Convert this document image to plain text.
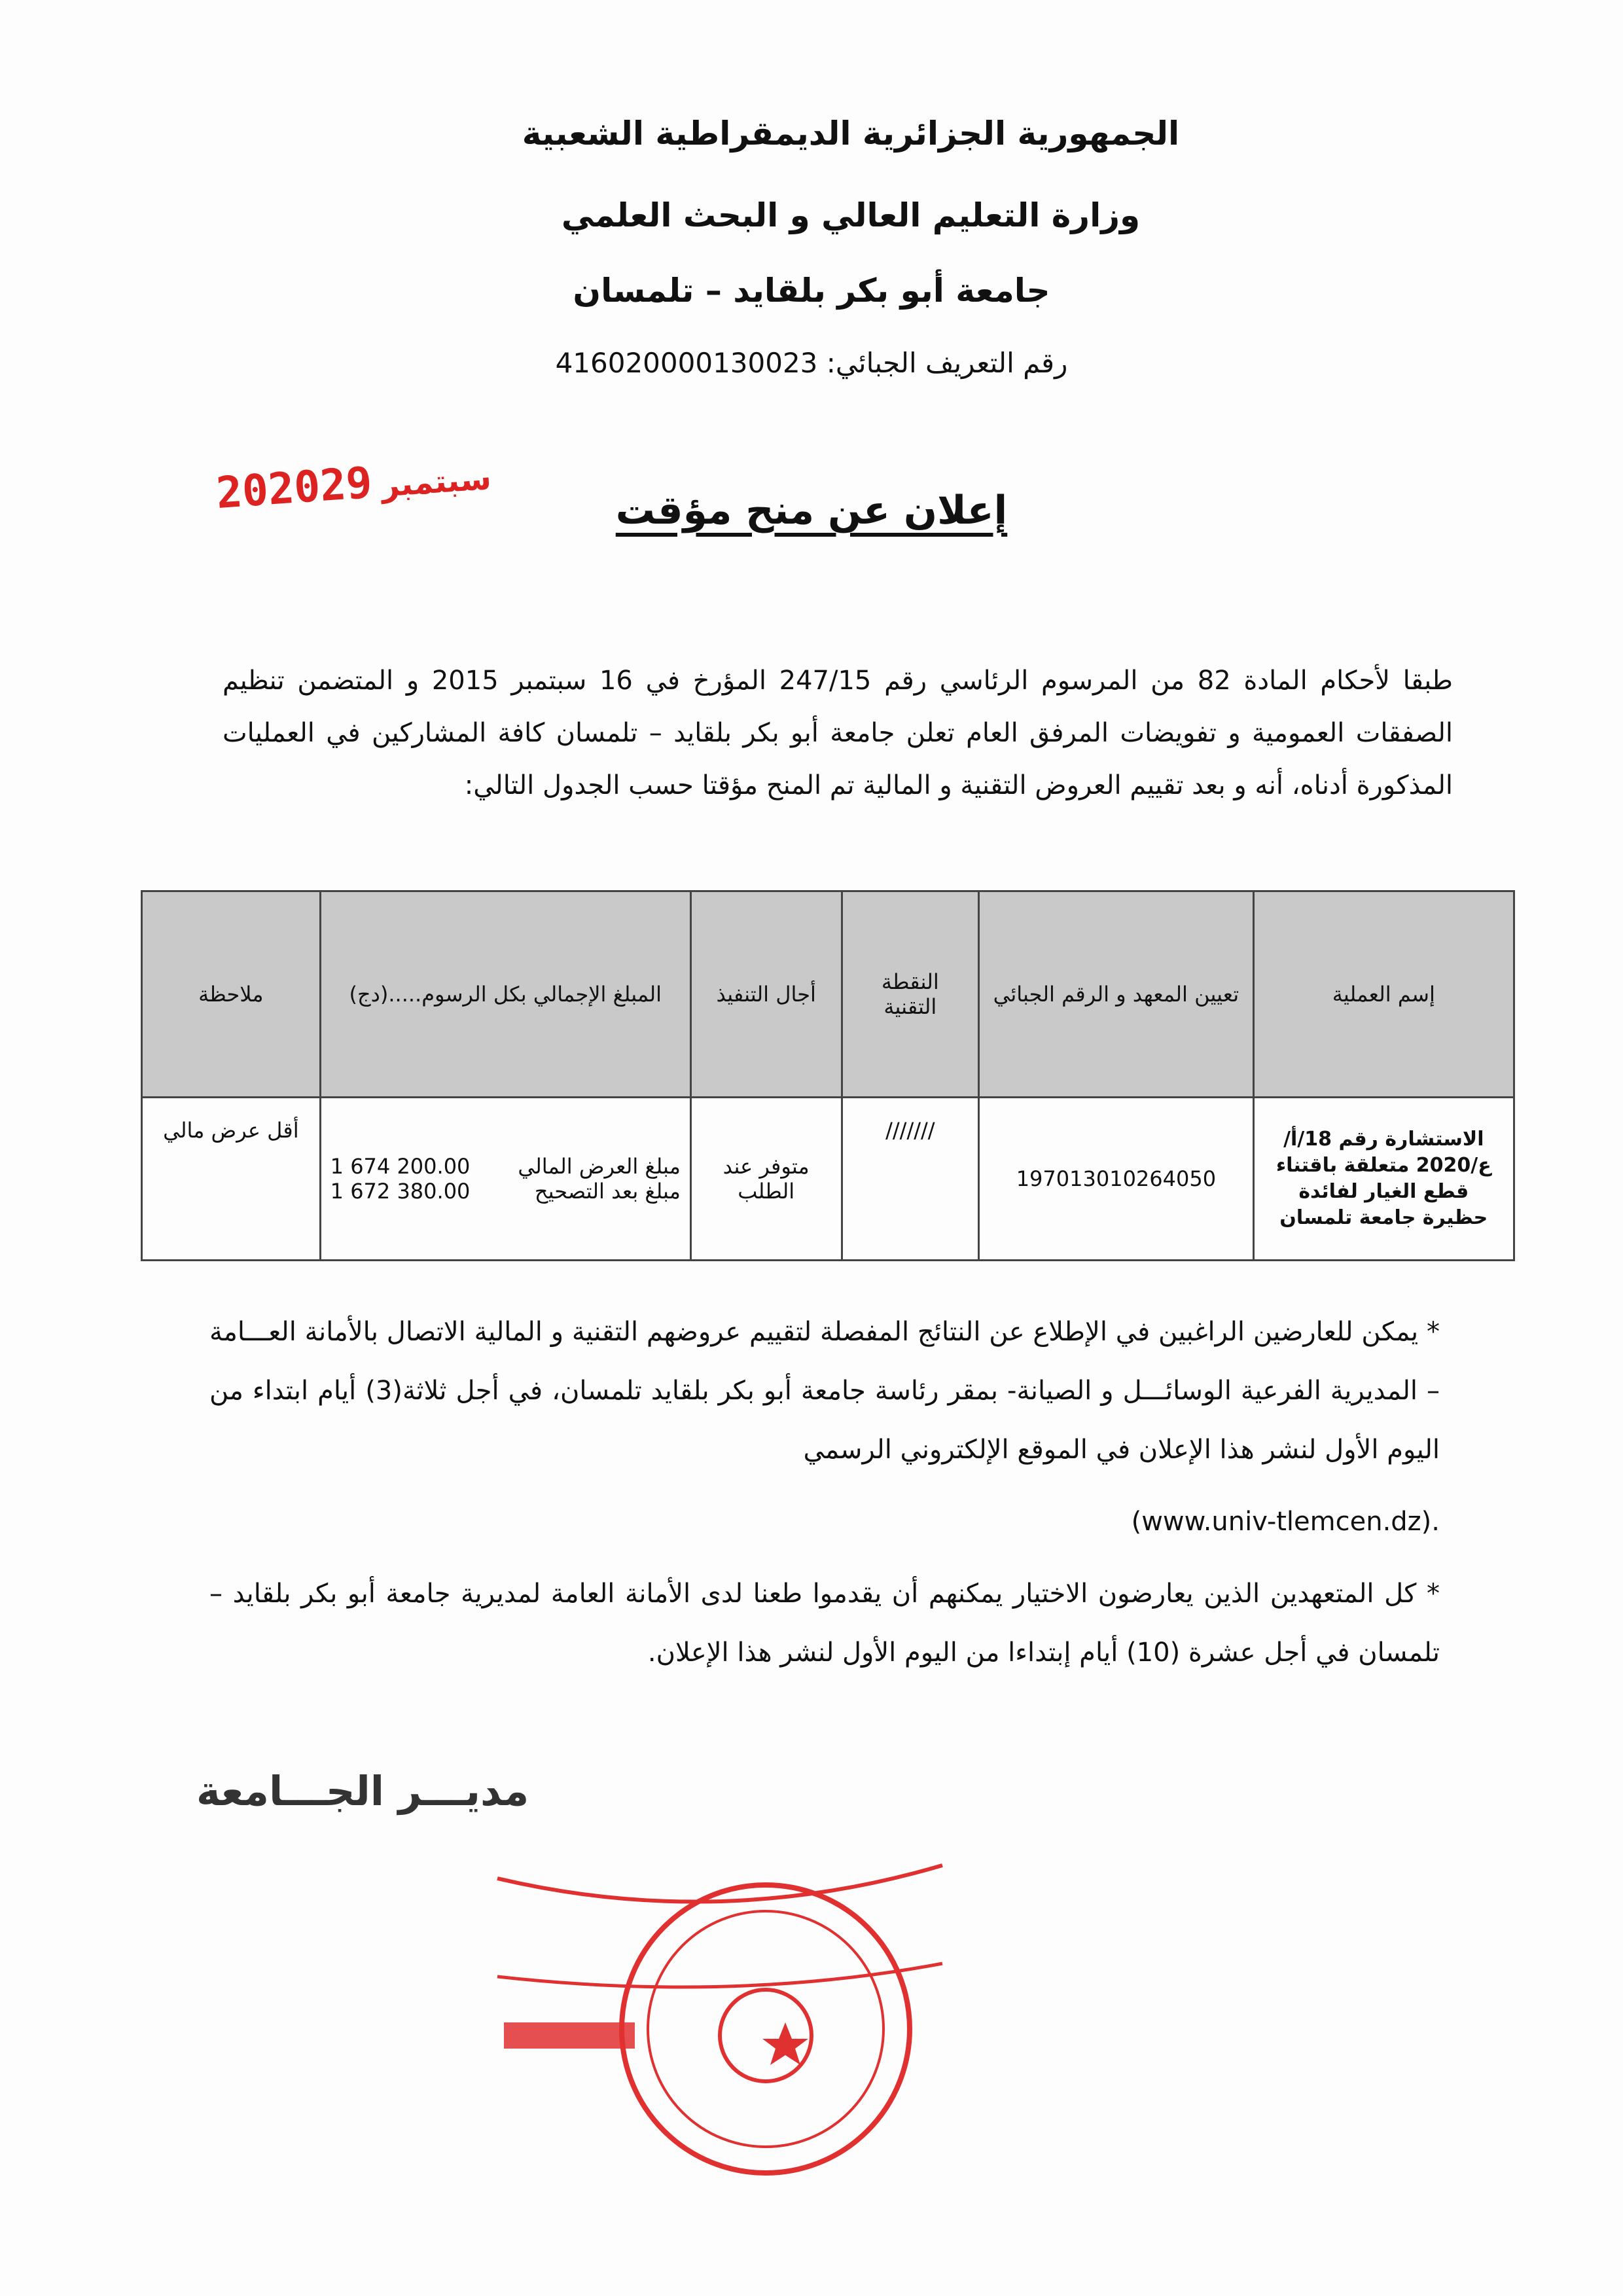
الجمهورية الجزائرية الديمقراطية الشعبية
وزارة التعليم العالي و البحث العلمي
جامعة أبو بكر بلقايد – تلمسان
رقم التعريف الجبائي: 416020000130023
2020 سبتمبر29	إعلان عن منح مؤقت
طبقا لأحكام المادة 82 من المرسوم الرئاسي رقم 247/15 المؤرخ في 16 سبتمبر 2015 و المتضمن تنظيم الصفقات العمومية و تفويضات المرفق العام تعلن جامعة أبو بكر بلقايد – تلمسان كافة المشاركين في العمليات المذكورة أدناه، أنه و بعد تقييم العروض التقنية و المالية تم المنح مؤقتا حسب الجدول التالي:
إسم العملية	تعيين المعهد و الرقم الجبائي	النقطة التقنية	أجال التنفيذ	المبلغ الإجمالي بكل الرسوم.....(دج)	ملاحظة
الاستشارة رقم 18/أ/ع/2020 متعلقة باقتناء قطع الغيار لفائدة حظيرة جامعة تلمسان	197013010264050	///////	متوفر عند الطلب	مبلغ العرض المالي
1 674 200.00
مبلغ بعد التصحيح
1 672 380.00	أقل عرض مالي
* يمكن للعارضين الراغبين في الإطلاع عن النتائج المفصلة لتقييم عروضهم التقنية و المالية الاتصال بالأمانة العـــامة – المديرية الفرعية الوسائـــل و الصيانة- بمقر رئاسة جامعة أبو بكر بلقايد تلمسان، في أجل ثلاثة(3) أيام ابتداء من اليوم الأول لنشر هذا الإعلان في الموقع الإلكتروني الرسمي
(www.univ-tlemcen.dz).
* كل المتعهدين الذين يعارضون الاختيار يمكنهم أن يقدموا طعنا لدى الأمانة العامة لمديرية جامعة أبو بكر بلقايد – تلمسان في أجل عشرة (10) أيام إبتداءا من اليوم الأول لنشر هذا الإعلان.
مديـــر الجـــامعة
